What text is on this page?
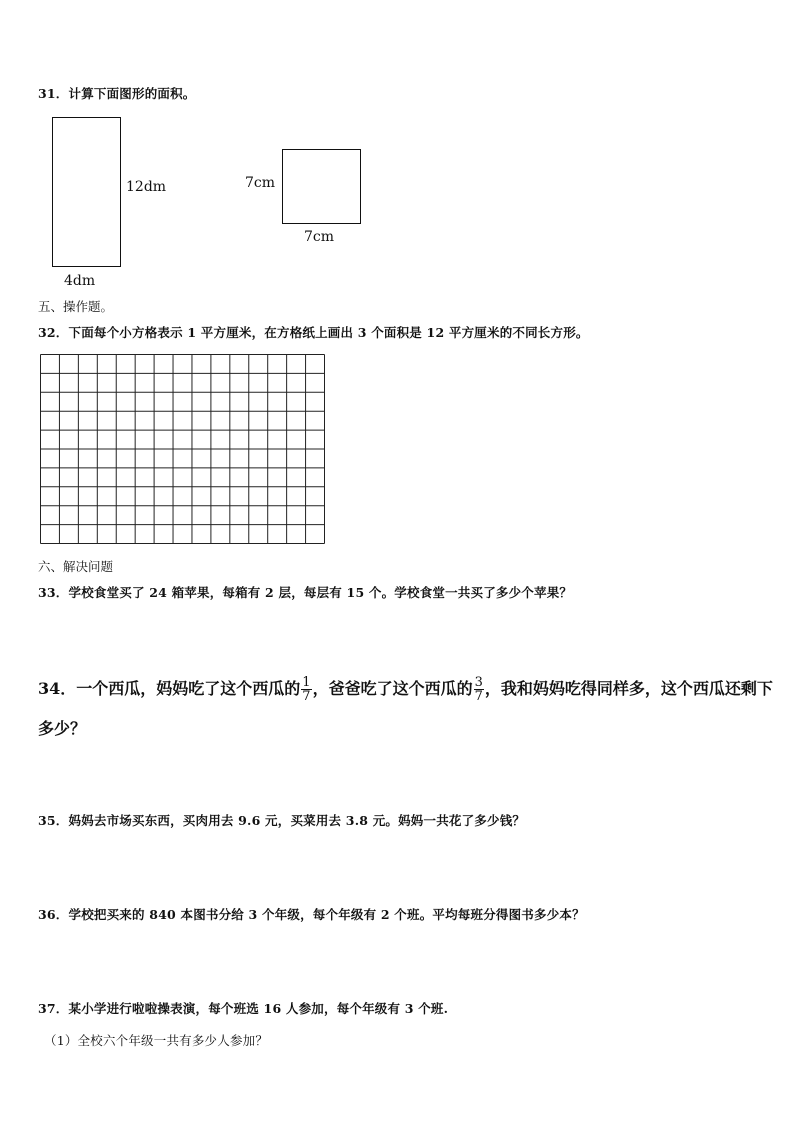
31．计算下面图形的面积。
12dm
4dm
7cm
7cm
五、操作题。
32．下面每个小方格表示 1 平方厘米，在方格纸上画出 3 个面积是 12 平方厘米的不同长方形。
六、解决问题
33．学校食堂买了 24 箱苹果，每箱有 2 层，每层有 15 个。学校食堂一共买了多少个苹果？
34．一个西瓜，妈妈吃了这个西瓜的 $\frac{1}{7}$ ，爸爸吃了这个西瓜的 $\frac{3}{7}$ ，我和妈妈吃得同样多，这个西瓜还剩下
多少？
35．妈妈去市场买东西，买肉用去 9.6 元，买菜用去 3.8 元。妈妈一共花了多少钱？
36．学校把买来的 840 本图书分给 3 个年级，每个年级有 2 个班。平均每班分得图书多少本？
37．某小学进行啦啦操表演，每个班选 16 人参加，每个年级有 3 个班.
（1）全校六个年级一共有多少人参加？
